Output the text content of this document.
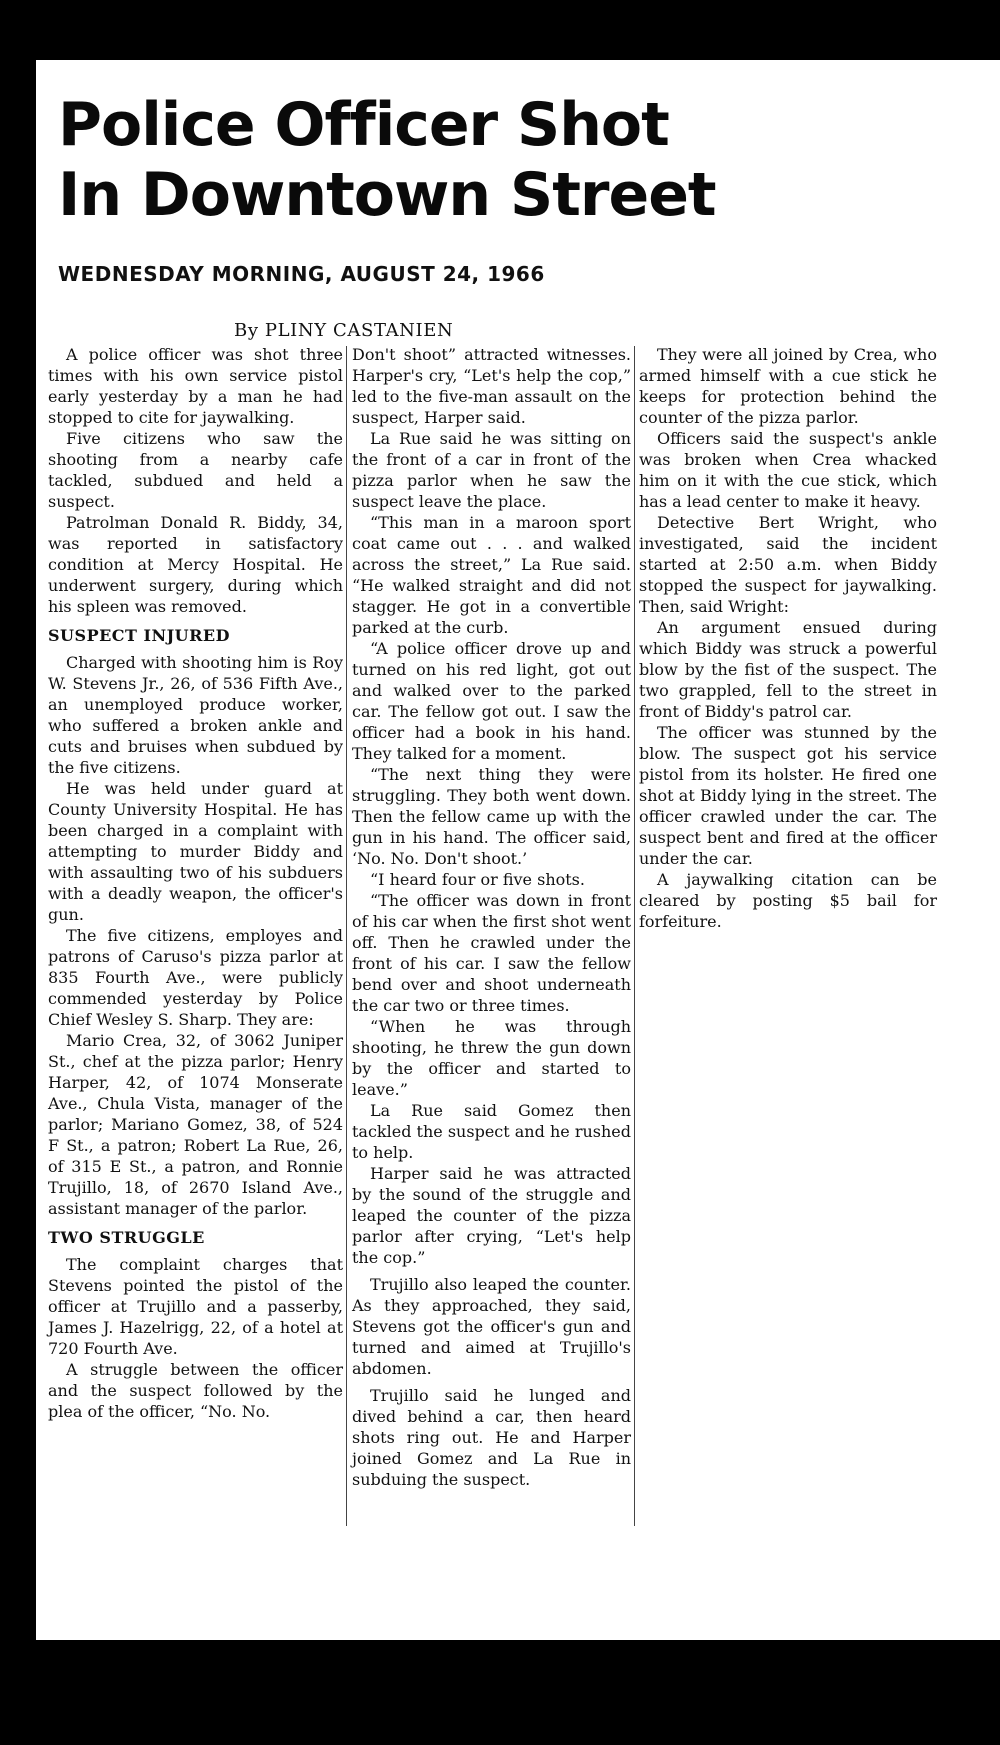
Police Officer Shot
In Downtown Street
WEDNESDAY MORNING, AUGUST 24, 1966
By PLINY CASTANIEN

A police officer was shot three times with his own service pistol early yesterday by a man he had stopped to cite for jaywalking.

Five citizens who saw the shooting from a nearby cafe tackled, subdued and held a suspect.

Patrolman Donald R. Biddy, 34, was reported in satisfactory condition at Mercy Hospital. He underwent surgery, during which his spleen was removed.

SUSPECT INJURED

Charged with shooting him is Roy W. Stevens Jr., 26, of 536 Fifth Ave., an unemployed produce worker, who suffered a broken ankle and cuts and bruises when subdued by the five citizens.

He was held under guard at County University Hospital. He has been charged in a complaint with attempting to murder Biddy and with assaulting two of his subduers with a deadly weapon, the officer's gun.

The five citizens, employes and patrons of Caruso's pizza parlor at 835 Fourth Ave., were publicly commended yesterday by Police Chief Wesley S. Sharp. They are:

Mario Crea, 32, of 3062 Juniper St., chef at the pizza parlor; Henry Harper, 42, of 1074 Monserate Ave., Chula Vista, manager of the parlor; Mariano Gomez, 38, of 524 F St., a patron; Robert La Rue, 26, of 315 E St., a patron, and Ronnie Trujillo, 18, of 2670 Island Ave., assistant manager of the parlor.

TWO STRUGGLE

The complaint charges that Stevens pointed the pistol of the officer at Trujillo and a passerby, James J. Hazelrigg, 22, of a hotel at 720 Fourth Ave.

A struggle between the officer and the suspect followed by the plea of the officer, “No. No.

Don't shoot” attracted witnesses. Harper's cry, “Let's help the cop,” led to the five-man assault on the suspect, Harper said.

La Rue said he was sitting on the front of a car in front of the pizza parlor when he saw the suspect leave the place.

“This man in a maroon sport coat came out . . . and walked across the street,” La Rue said. “He walked straight and did not stagger. He got in a convertible parked at the curb.

“A police officer drove up and turned on his red light, got out and walked over to the parked car. The fellow got out. I saw the officer had a book in his hand. They talked for a moment.

“The next thing they were struggling. They both went down. Then the fellow came up with the gun in his hand. The officer said, ‘No. No. Don't shoot.’

“I heard four or five shots.

“The officer was down in front of his car when the first shot went off. Then he crawled under the front of his car. I saw the fellow bend over and shoot underneath the car two or three times.

“When he was through shooting, he threw the gun down by the officer and started to leave.”

La Rue said Gomez then tackled the suspect and he rushed to help.

Harper said he was attracted by the sound of the struggle and leaped the counter of the pizza parlor after crying, “Let's help the cop.”

Trujillo also leaped the counter. As they approached, they said, Stevens got the officer's gun and turned and aimed at Trujillo's abdomen.

Trujillo said he lunged and dived behind a car, then heard shots ring out. He and Harper joined Gomez and La Rue in subduing the suspect.

They were all joined by Crea, who armed himself with a cue stick he keeps for protection behind the counter of the pizza parlor.

Officers said the suspect's ankle was broken when Crea whacked him on it with the cue stick, which has a lead center to make it heavy.

Detective Bert Wright, who investigated, said the incident started at 2:50 a.m. when Biddy stopped the suspect for jaywalking. Then, said Wright:

An argument ensued during which Biddy was struck a powerful blow by the fist of the suspect. The two grappled, fell to the street in front of Biddy's patrol car.

The officer was stunned by the blow. The suspect got his service pistol from its holster. He fired one shot at Biddy lying in the street. The officer crawled under the car. The suspect bent and fired at the officer under the car.

A jaywalking citation can be cleared by posting $5 bail for forfeiture.
